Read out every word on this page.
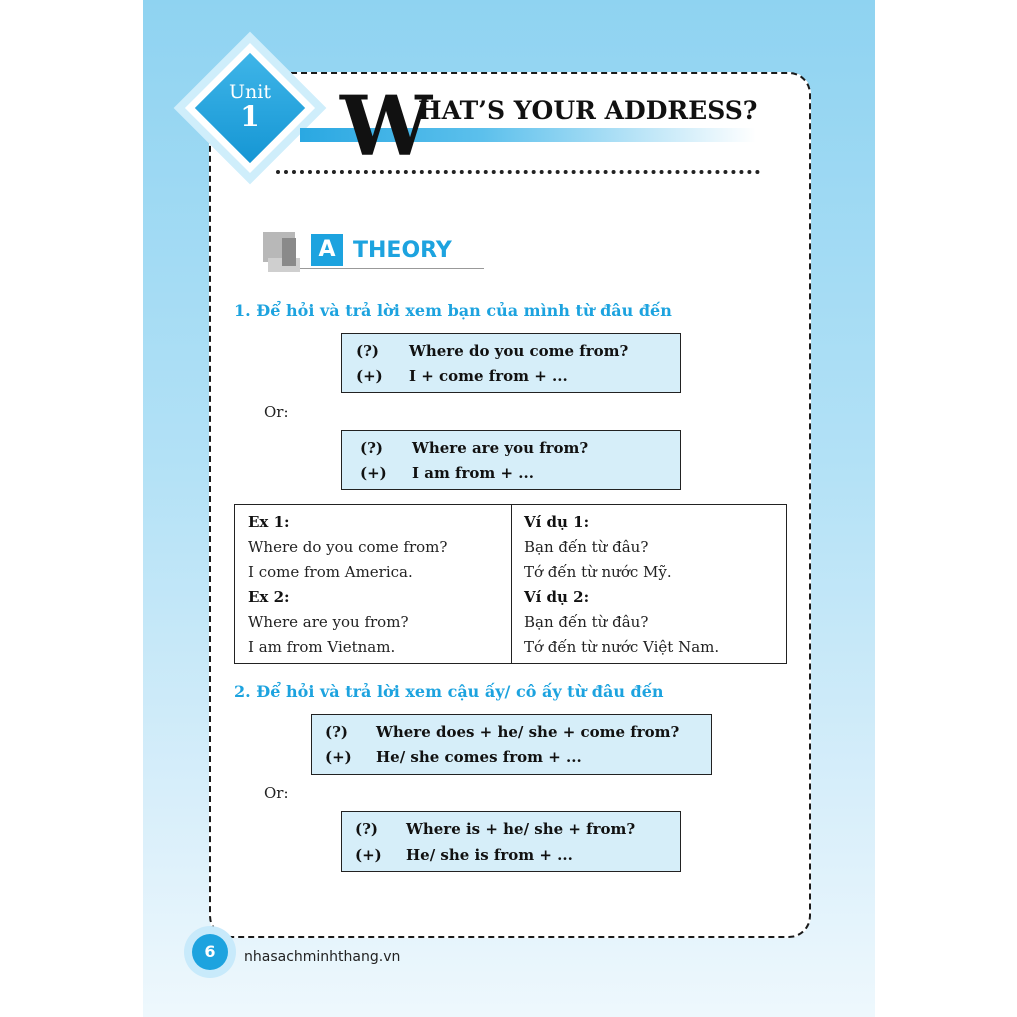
Unit
1 W
HAT’S YOUR ADDRESS?
A THEORY
1. Để hỏi và trả lời xem bạn của mình từ đâu đến
(?) Where do you come from?
(+) I + come from + ...
Or:
(?) Where are you from?
(+) I am from + ...
Ex 1:
Where do you come from?
I come from America.
Ex 2:
Where are you from?
I am from Vietnam.
Ví dụ 1:
Bạn đến từ đâu?
Tớ đến từ nước Mỹ.
Ví dụ 2:
Bạn đến từ đâu?
Tớ đến từ nước Việt Nam.
2. Để hỏi và trả lời xem cậu ấy/ cô ấy từ đâu đến
(?) Where does + he/ she + come from?
(+) He/ she comes from + ...
Or:
(?) Where is + he/ she + from?
(+) He/ she is from + ...
6	nhasachminhthang.vn
